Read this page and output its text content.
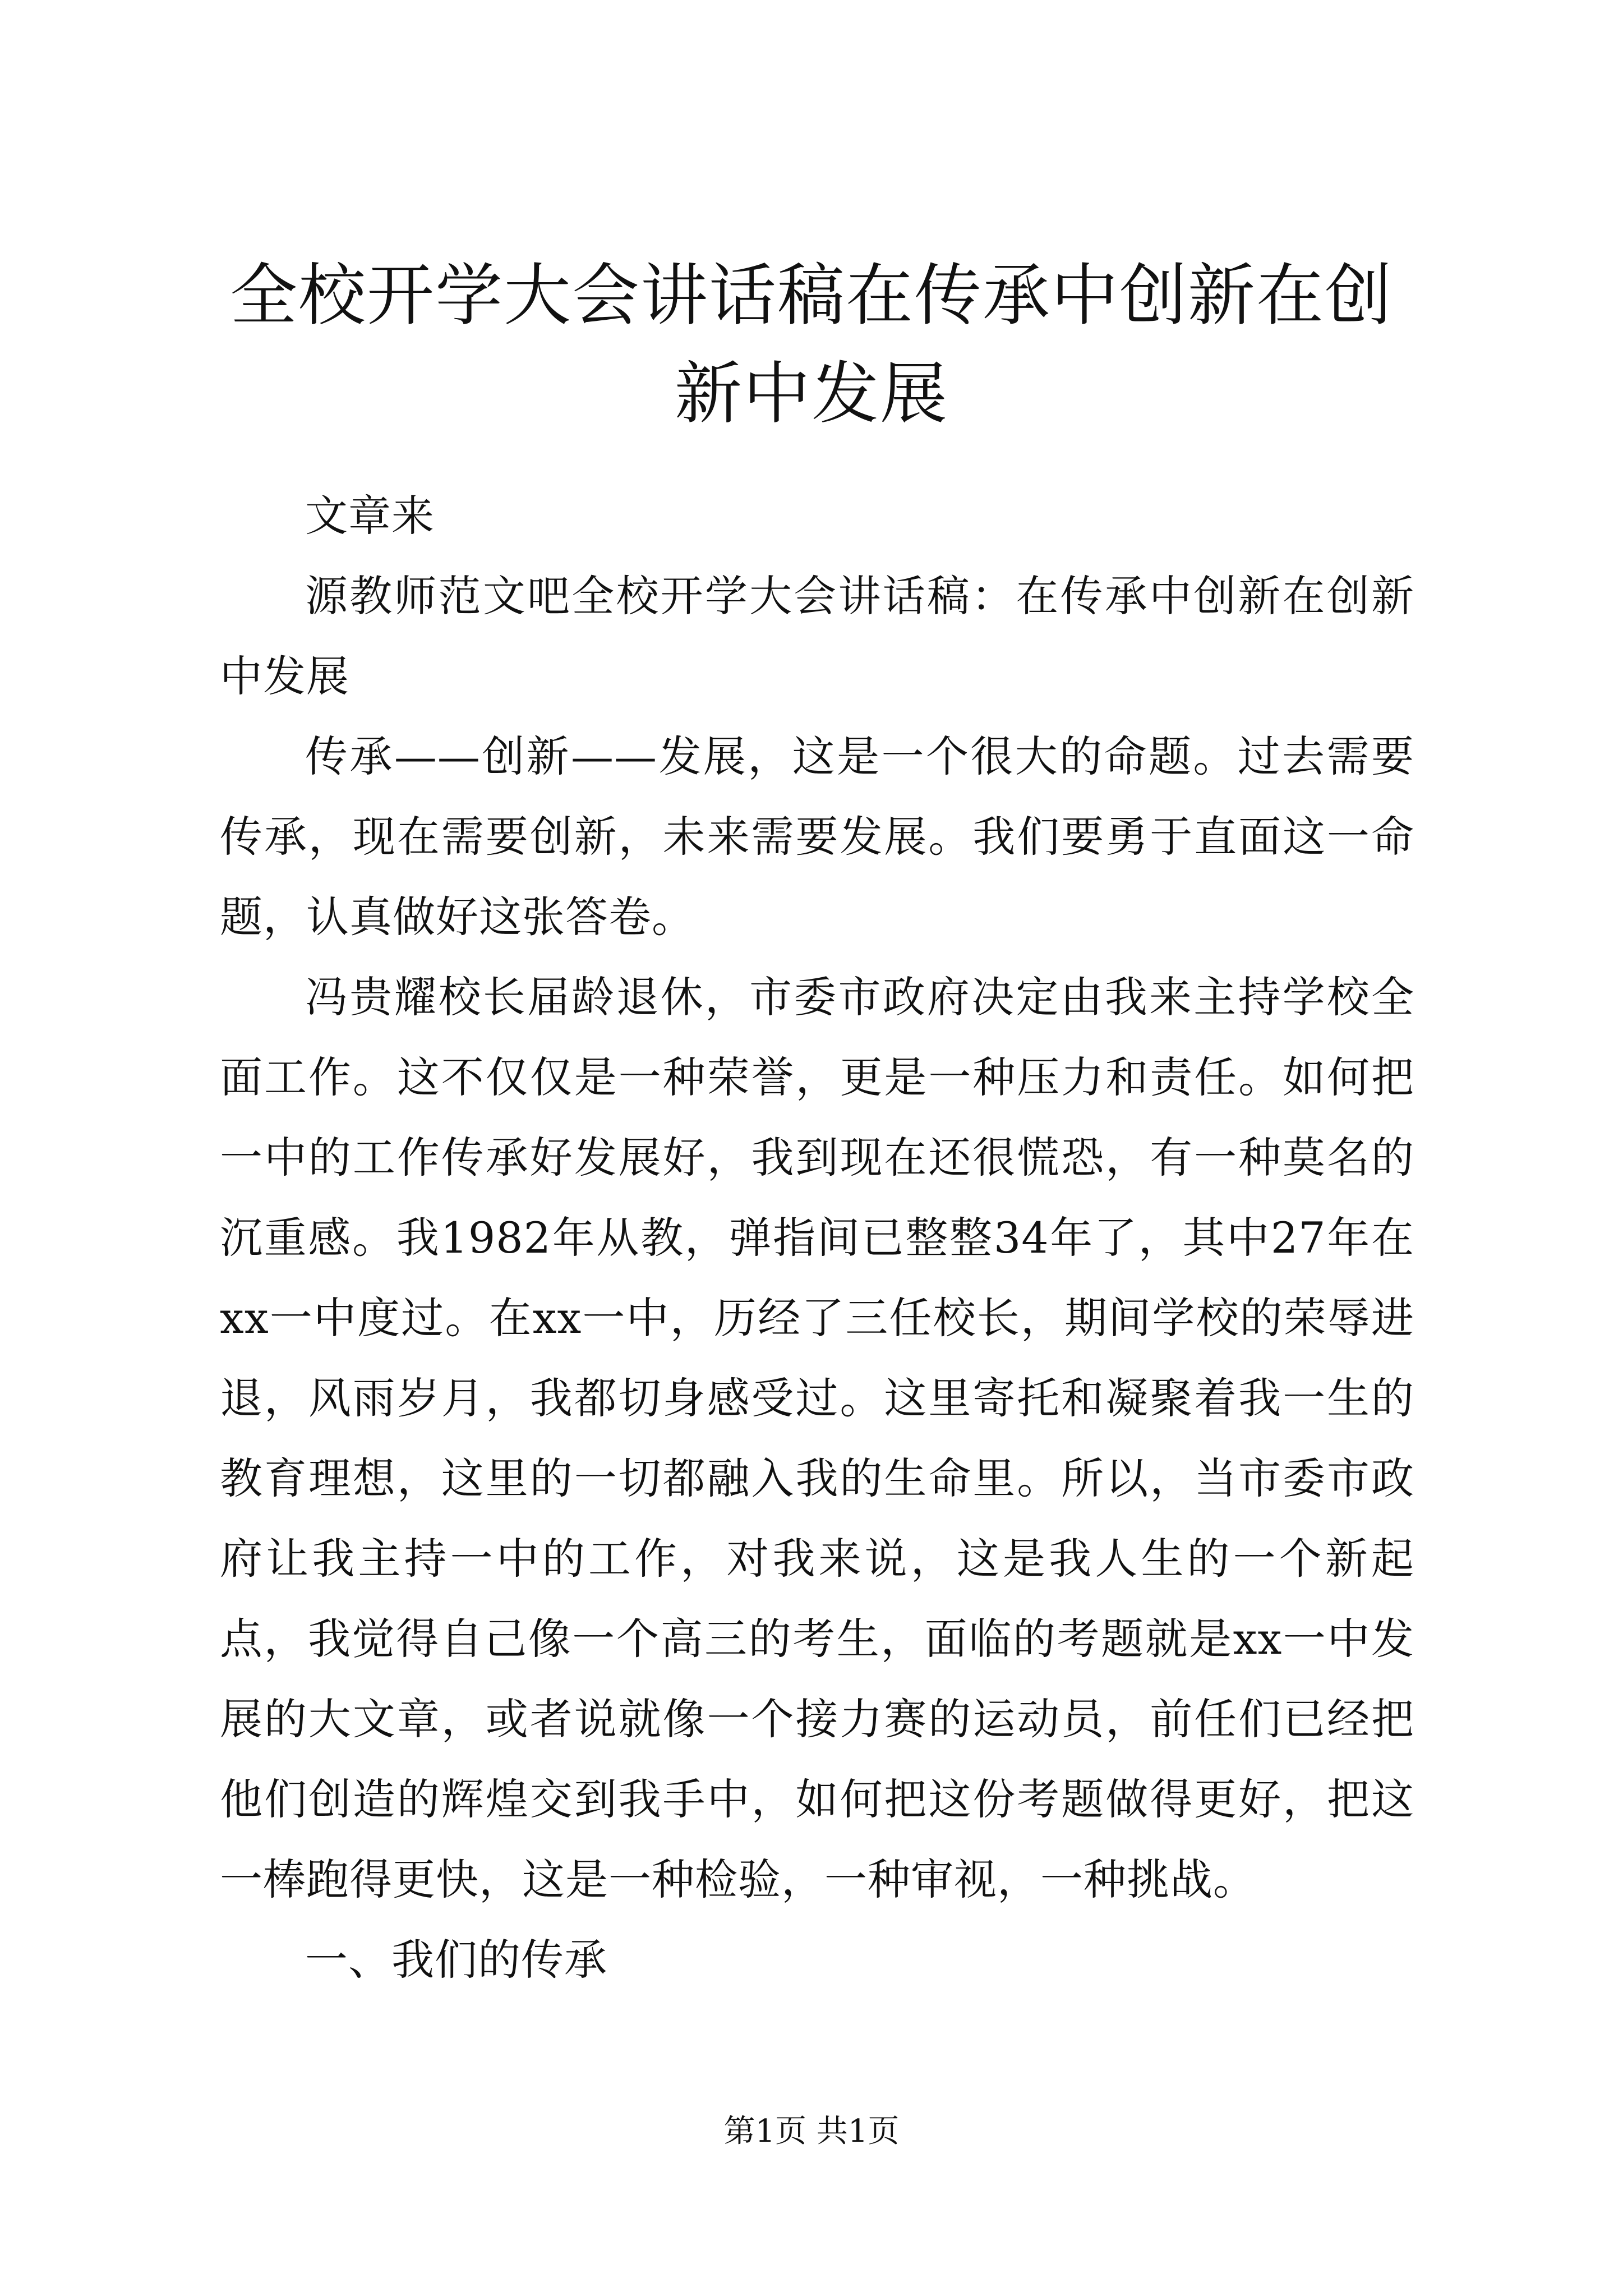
全校开学大会讲话稿在传承中创新在创新中发展

文章来

源教师范文吧全校开学大会讲话稿：在传承中创新在创新中发展

传承——创新——发展，这是一个很大的命题。过去需要传承，现在需要创新，未来需要发展。我们要勇于直面这一命题，认真做好这张答卷。

冯贵耀校长届龄退休，市委市政府决定由我来主持学校全面工作。这不仅仅是一种荣誉，更是一种压力和责任。如何把一中的工作传承好发展好，我到现在还很慌恐，有一种莫名的沉重感。我1982年从教，弹指间已整整34年了，其中27年在xx一中度过。在xx一中，历经了三任校长，期间学校的荣辱进退，风雨岁月，我都切身感受过。这里寄托和凝聚着我一生的教育理想，这里的一切都融入我的生命里。所以，当市委市政府让我主持一中的工作，对我来说，这是我人生的一个新起点，我觉得自己像一个高三的考生，面临的考题就是xx一中发展的大文章，或者说就像一个接力赛的运动员，前任们已经把他们创造的辉煌交到我手中，如何把这份考题做得更好，把这一棒跑得更快，这是一种检验，一种审视，一种挑战。

一、我们的传承

第1页 共1页
